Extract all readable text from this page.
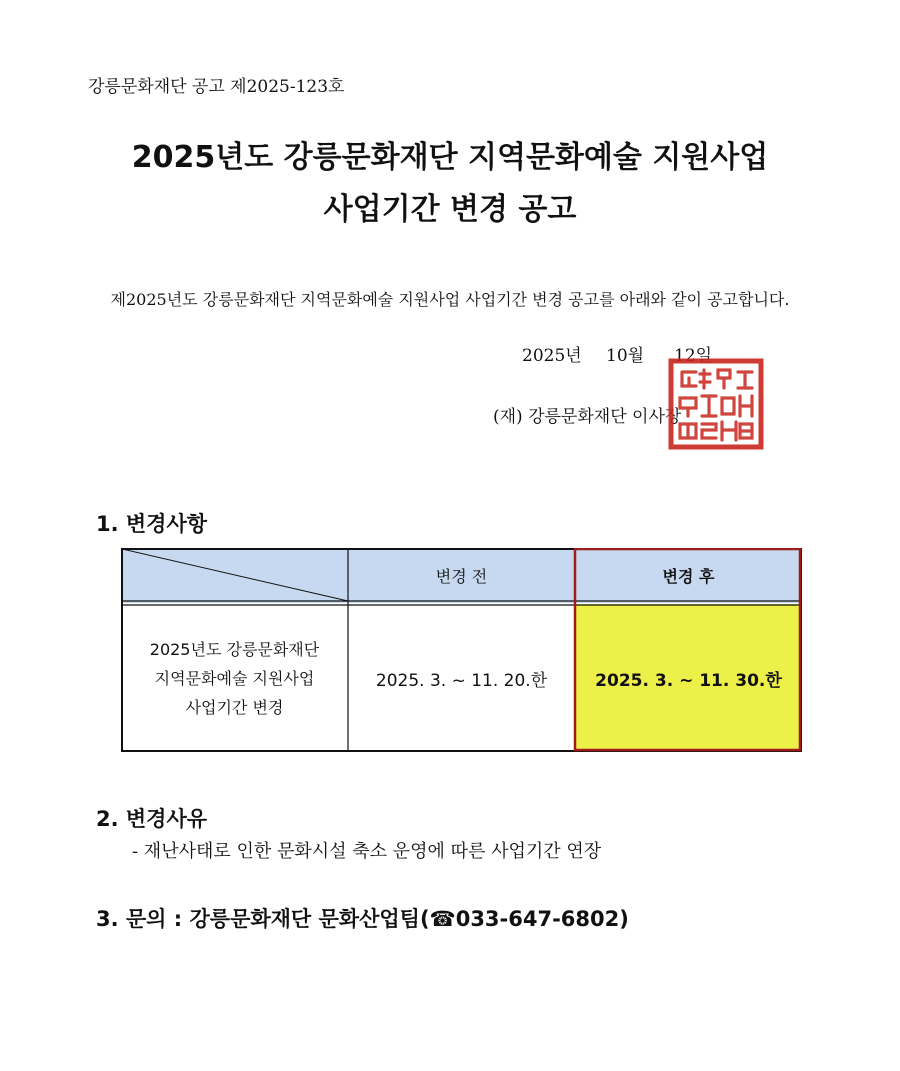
강릉문화재단 공고 제2025-123호
2025년도 강릉문화재단 지역문화예술 지원사업
사업기간 변경 공고
제2025년도 강릉문화재단 지역문화예술 지원사업 사업기간 변경 공고를 아래와 같이 공고합니다.
2025년 10월 12일
(재) 강릉문화재단 이사장
1. 변경사항
변경 전	변경 후
2025년도 강릉문화재단
지역문화예술 지원사업
사업기간 변경
2025. 3. ~ 11. 20.한	2025. 3. ~ 11. 30.한
2. 변경사유
- 재난사태로 인한 문화시설 축소 운영에 따른 사업기간 연장
3. 문의 : 강릉문화재단 문화산업팀(☎033-647-6802)
